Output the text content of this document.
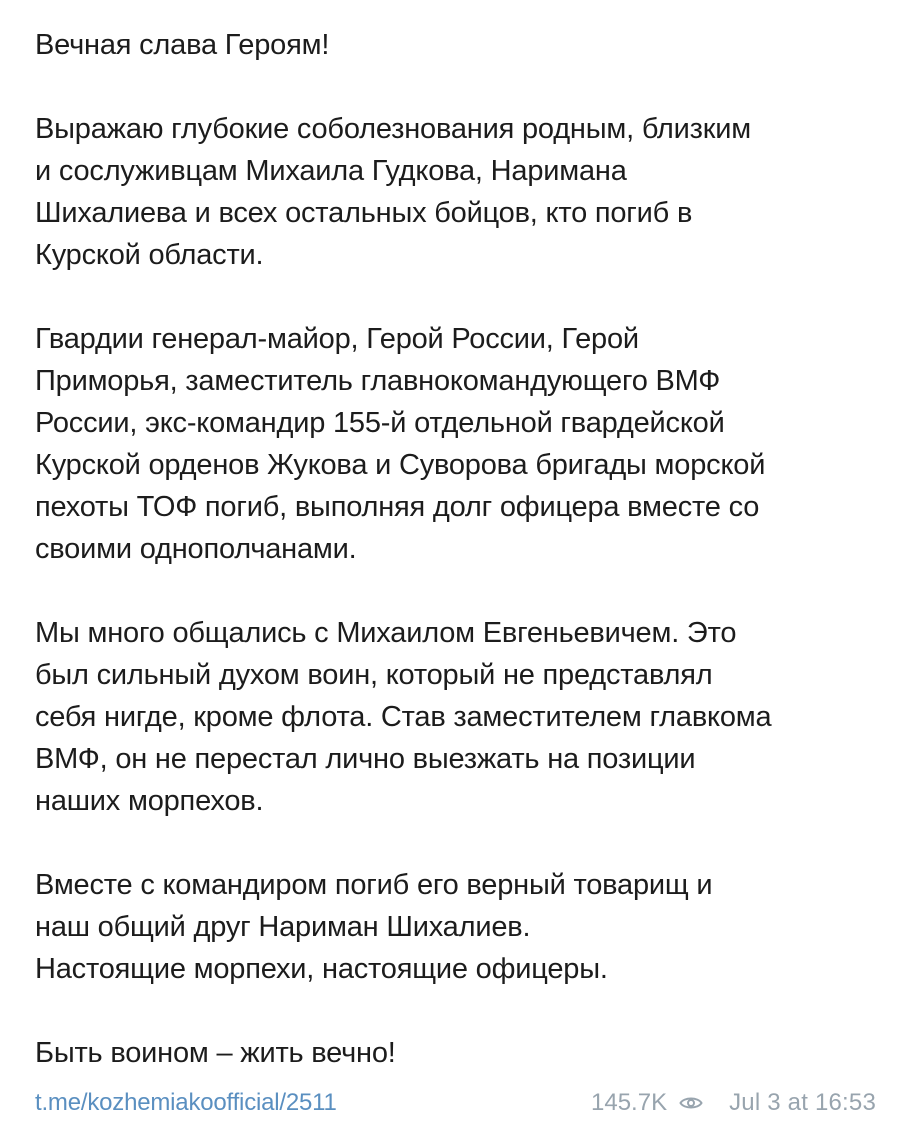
Вечная слава Героям!

Выражаю глубокие соболезнования родным, близким
и сослуживцам Михаила Гудкова, Наримана
Шихалиева и всех остальных бойцов, кто погиб в
Курской области.

Гвардии генерал-майор, Герой России, Герой
Приморья, заместитель главнокомандующего ВМФ
России, экс-командир 155-й отдельной гвардейской
Курской орденов Жукова и Суворова бригады морской
пехоты ТОФ погиб, выполняя долг офицера вместе со
своими однополчанами.

Мы много общались с Михаилом Евгеньевичем. Это
был сильный духом воин, который не представлял
себя нигде, кроме флота. Став заместителем главкома
ВМФ, он не перестал лично выезжать на позиции
наших морпехов.

Вместе с командиром погиб его верный товарищ и
наш общий друг Нариман Шихалиев.
Настоящие морпехи, настоящие офицеры.

Быть воином – жить вечно!

t.me/kozhemiakoofficial/2511	145.7K	Jul 3 at 16:53
